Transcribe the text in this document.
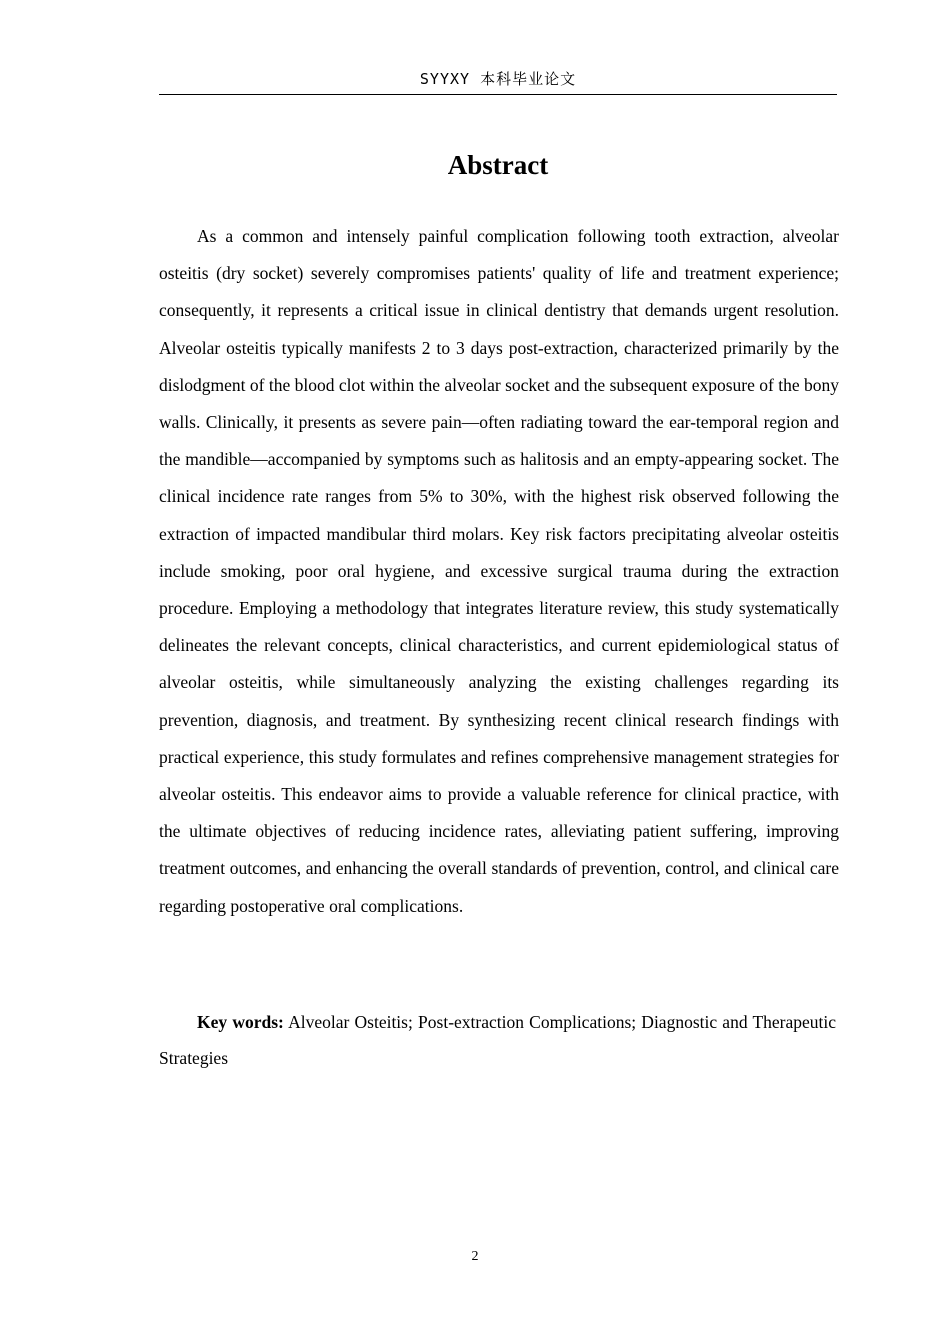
SYYXY 本科毕业论文
Abstract

As a common and intensely painful complication following tooth extraction, alveolar osteitis (dry socket) severely compromises patients' quality of life and treatment experience; consequently, it represents a critical issue in clinical dentistry that demands urgent resolution. Alveolar osteitis typically manifests 2 to 3 days post-extraction, characterized primarily by the dislodgment of the blood clot within the alveolar socket and the subsequent exposure of the bony walls. Clinically, it presents as severe pain—often radiating toward the ear-temporal region and the mandible—accompanied by symptoms such as halitosis and an empty-appearing socket. The clinical incidence rate ranges from 5% to 30%, with the highest risk observed following the extraction of impacted mandibular third molars. Key risk factors precipitating alveolar osteitis include smoking, poor oral hygiene, and excessive surgical trauma during the extraction procedure. Employing a methodology that integrates literature review, this study systematically delineates the relevant concepts, clinical characteristics, and current epidemiological status of alveolar osteitis, while simultaneously analyzing the existing challenges regarding its prevention, diagnosis, and treatment. By synthesizing recent clinical research findings with practical experience, this study formulates and refines comprehensive management strategies for alveolar osteitis. This endeavor aims to provide a valuable reference for clinical practice, with the ultimate objectives of reducing incidence rates, alleviating patient suffering, improving treatment outcomes, and enhancing the overall standards of prevention, control, and clinical care regarding postoperative oral complications.

Key words: Alveolar Osteitis; Post-extraction Complications; Diagnostic and Therapeutic Strategies

2
